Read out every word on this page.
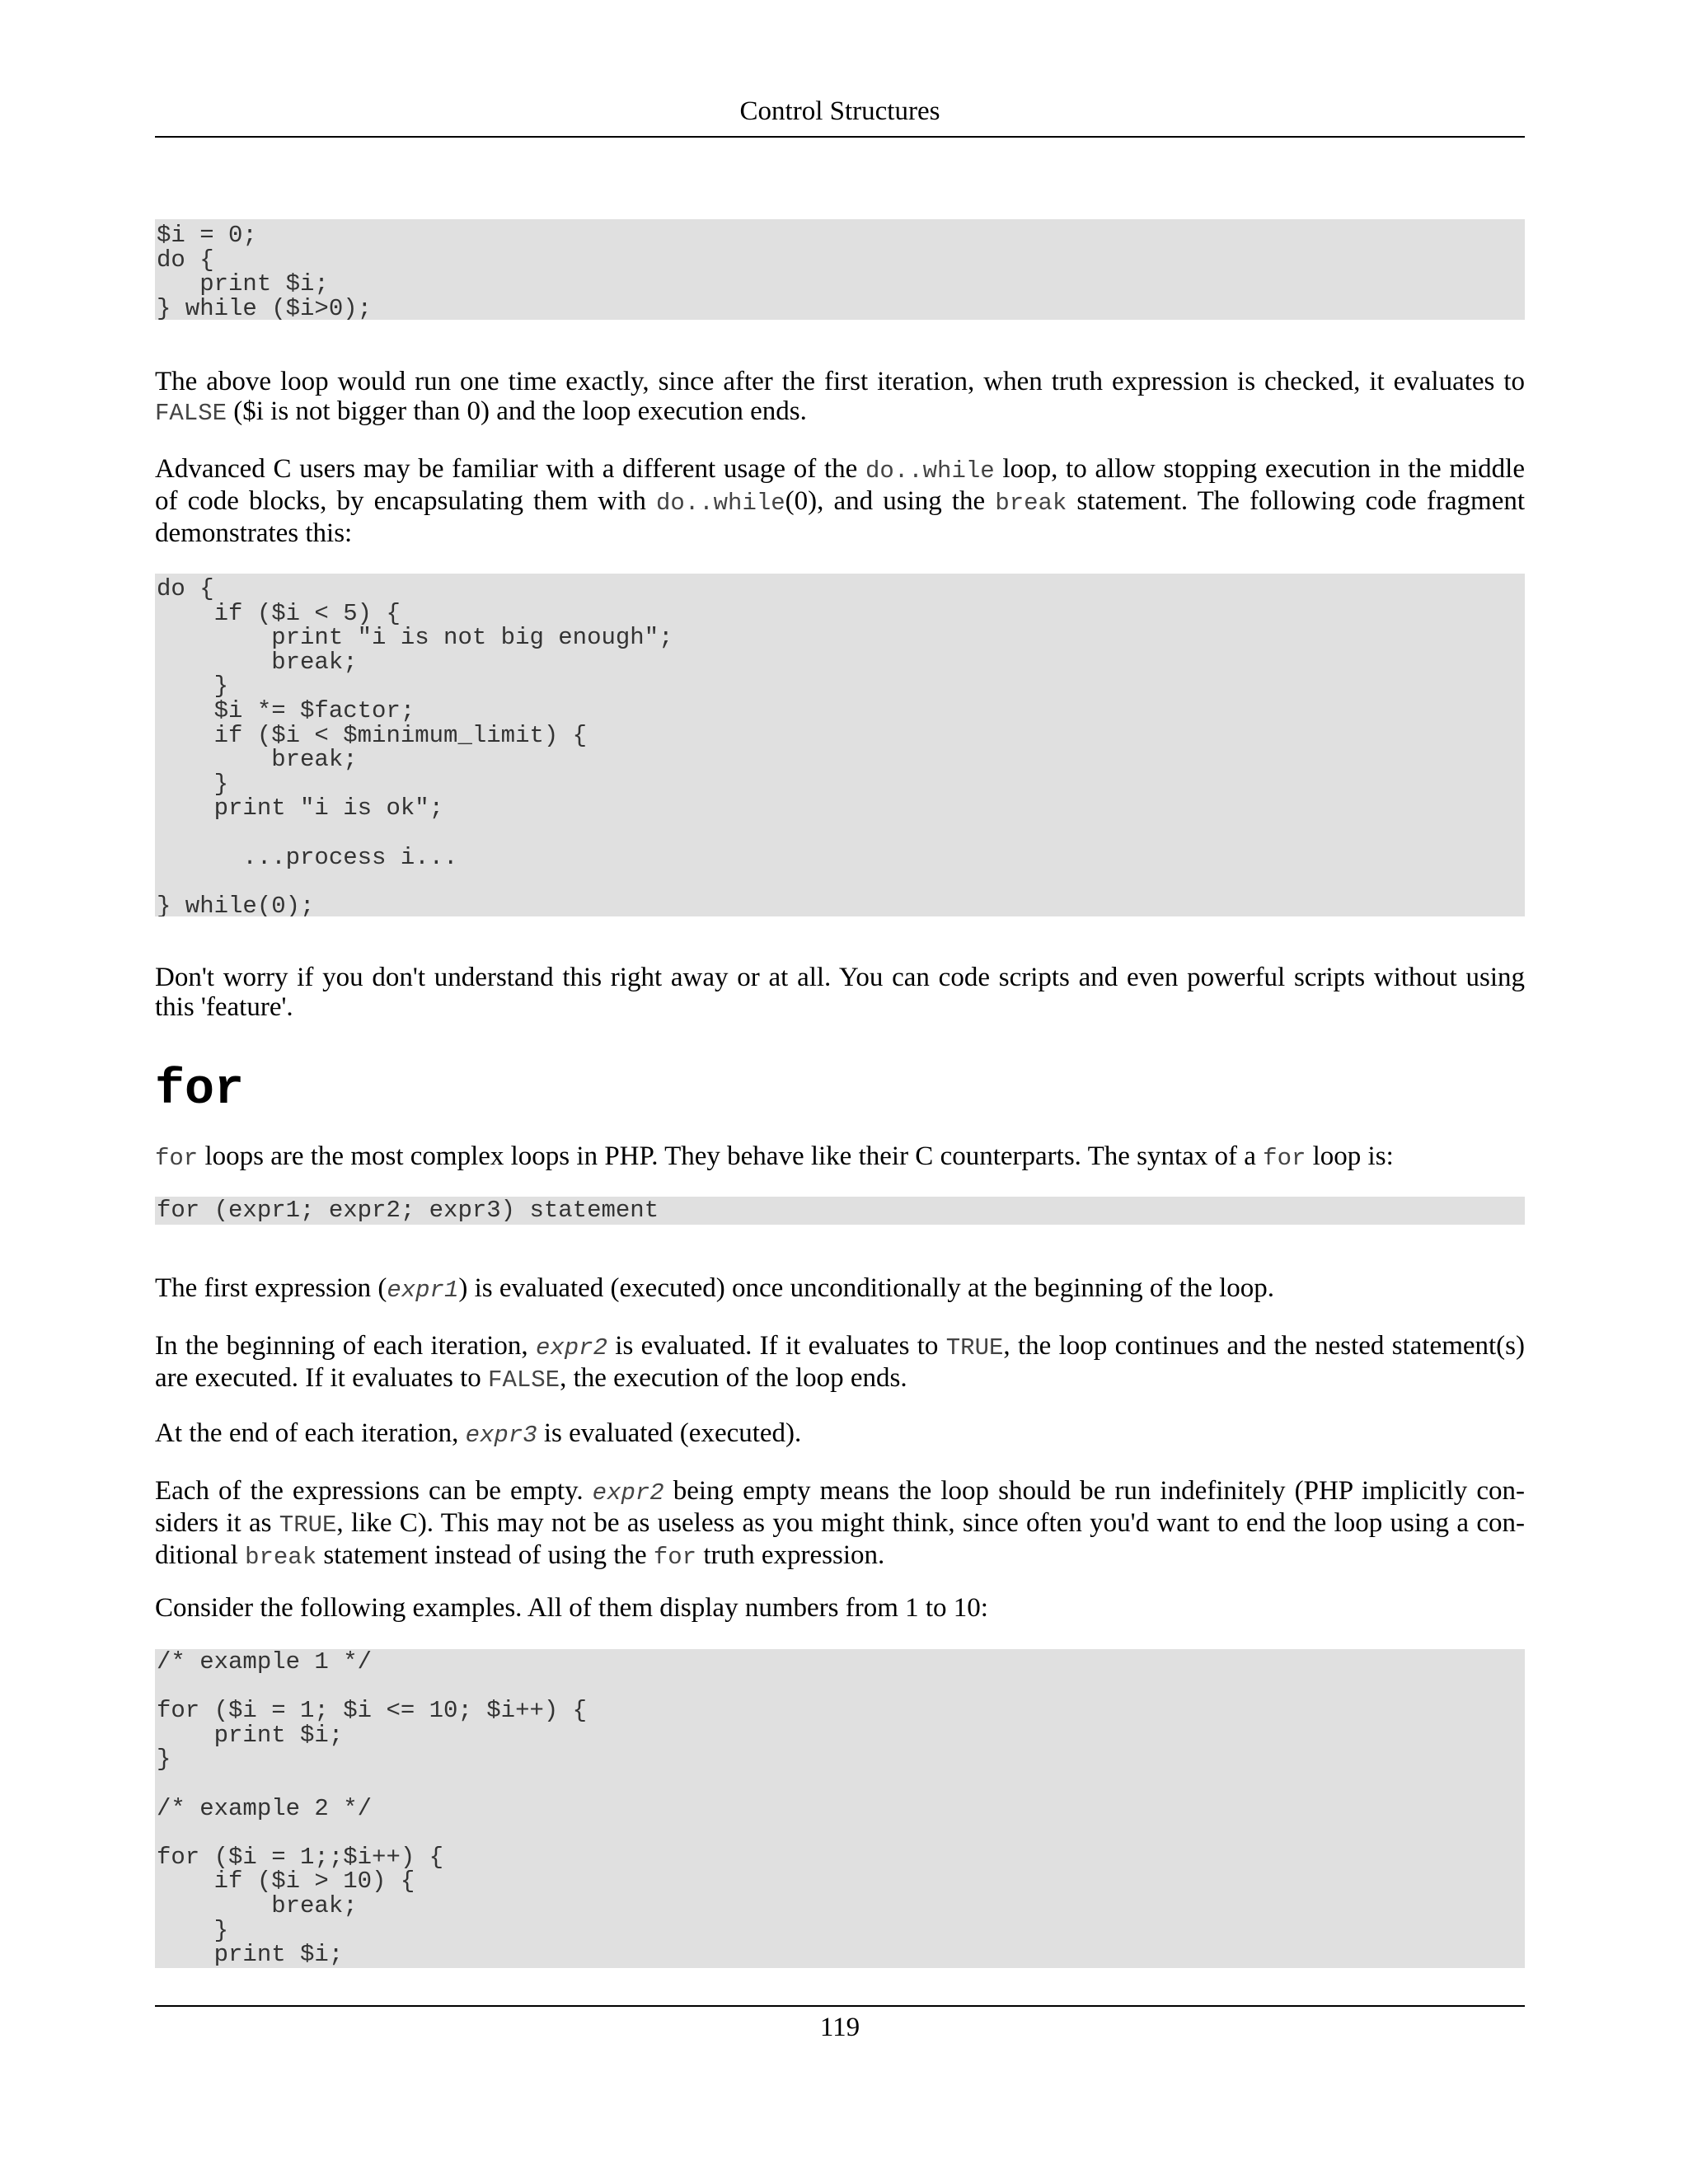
Control Structures
$i = 0;
do {
print $i;
} while ($i>0);

The above loop would run one time exactly, since after the first iteration, when truth expression is checked, it evaluates to FALSE ($i is not bigger than 0) and the loop execution ends.

Advanced C users may be familiar with a different usage of the do..while loop, to allow stopping execution in the middle of code blocks, by encapsulating them with do..while(0), and using the break statement. The following code fragment demonstrates this:

do {
if ($i < 5) {
print "i is not big enough";
break;
}
$i *= $factor;
if ($i < $minimum_limit) {
break;
}
print "i is ok";

...process i...

} while(0);

Don't worry if you don't understand this right away or at all. You can code scripts and even powerful scripts without using this 'feature'.

for

for loops are the most complex loops in PHP. They behave like their C counterparts. The syntax of a for loop is:

for (expr1; expr2; expr3) statement

The first expression (expr1) is evaluated (executed) once unconditionally at the beginning of the loop.

In the beginning of each iteration, expr2 is evaluated. If it evaluates to TRUE, the loop continues and the nested statement(s) are executed. If it evaluates to FALSE, the execution of the loop ends.

At the end of each iteration, expr3 is evaluated (executed).

Each of the expressions can be empty. expr2 being empty means the loop should be run indefinitely (PHP implicitly con-siders it as TRUE, like C). This may not be as useless as you might think, since often you'd want to end the loop using a con-ditional break statement instead of using the for truth expression.

Consider the following examples. All of them display numbers from 1 to 10:

/* example 1 */

for ($i = 1; $i <= 10; $i++) {
print $i;
}

/* example 2 */

for ($i = 1;;$i++) {
if ($i > 10) {
break;
}
print $i;
119
